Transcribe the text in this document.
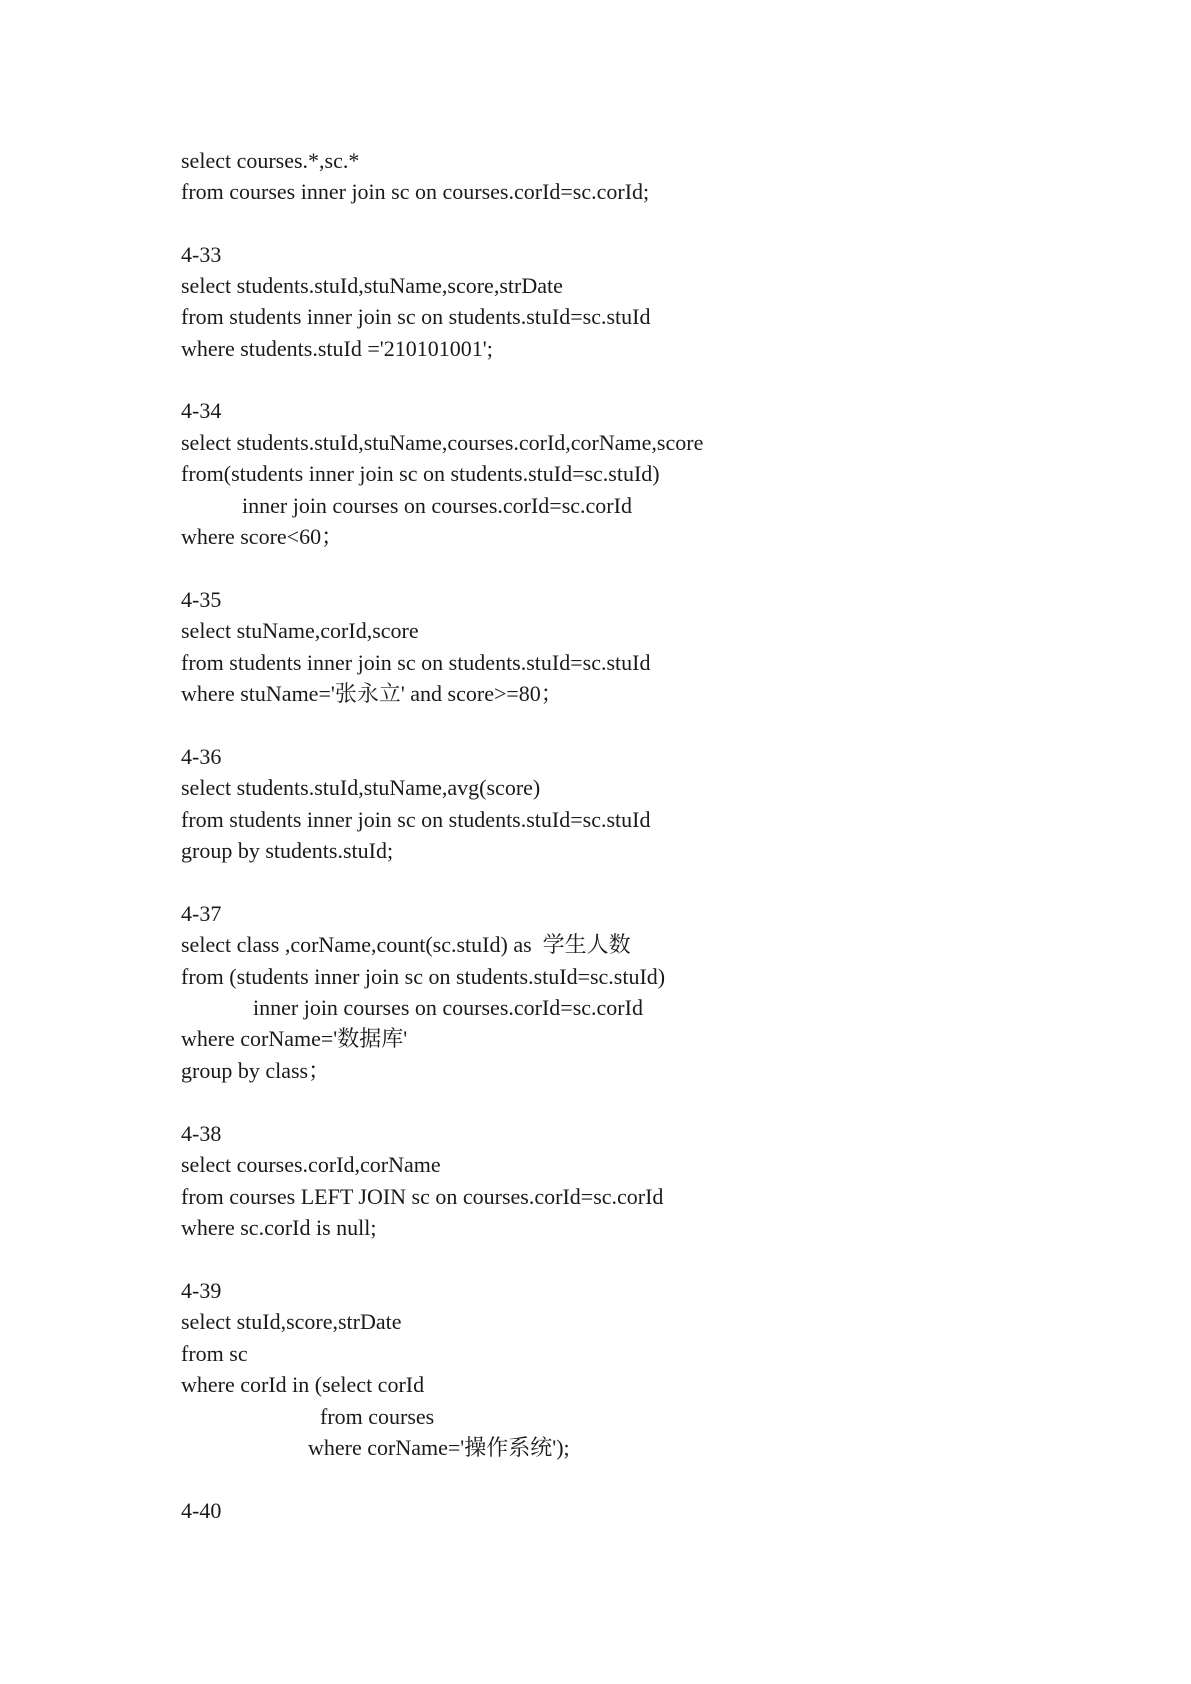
select courses.*,sc.*
from courses inner join sc on courses.corId=sc.corId;
4-33
select students.stuId,stuName,score,strDate
from students inner join sc on students.stuId=sc.stuId
where students.stuId ='210101001';
4-34
select students.stuId,stuName,courses.corId,corName,score
from(students inner join sc on students.stuId=sc.stuId)
inner join courses on courses.corId=sc.corId
where score<60；
4-35
select stuName,corId,score
from students inner join sc on students.stuId=sc.stuId
where stuName='张永立' and score>=80；
4-36
select students.stuId,stuName,avg(score)
from students inner join sc on students.stuId=sc.stuId
group by students.stuId;
4-37
select class ,corName,count(sc.stuId) as  学生人数
from (students inner join sc on students.stuId=sc.stuId)
inner join courses on courses.corId=sc.corId
where corName='数据库'
group by class；
4-38
select courses.corId,corName
from courses LEFT JOIN sc on courses.corId=sc.corId
where sc.corId is null;
4-39
select stuId,score,strDate
from sc
where corId in (select corId
from courses
where corName='操作系统');
4-40
